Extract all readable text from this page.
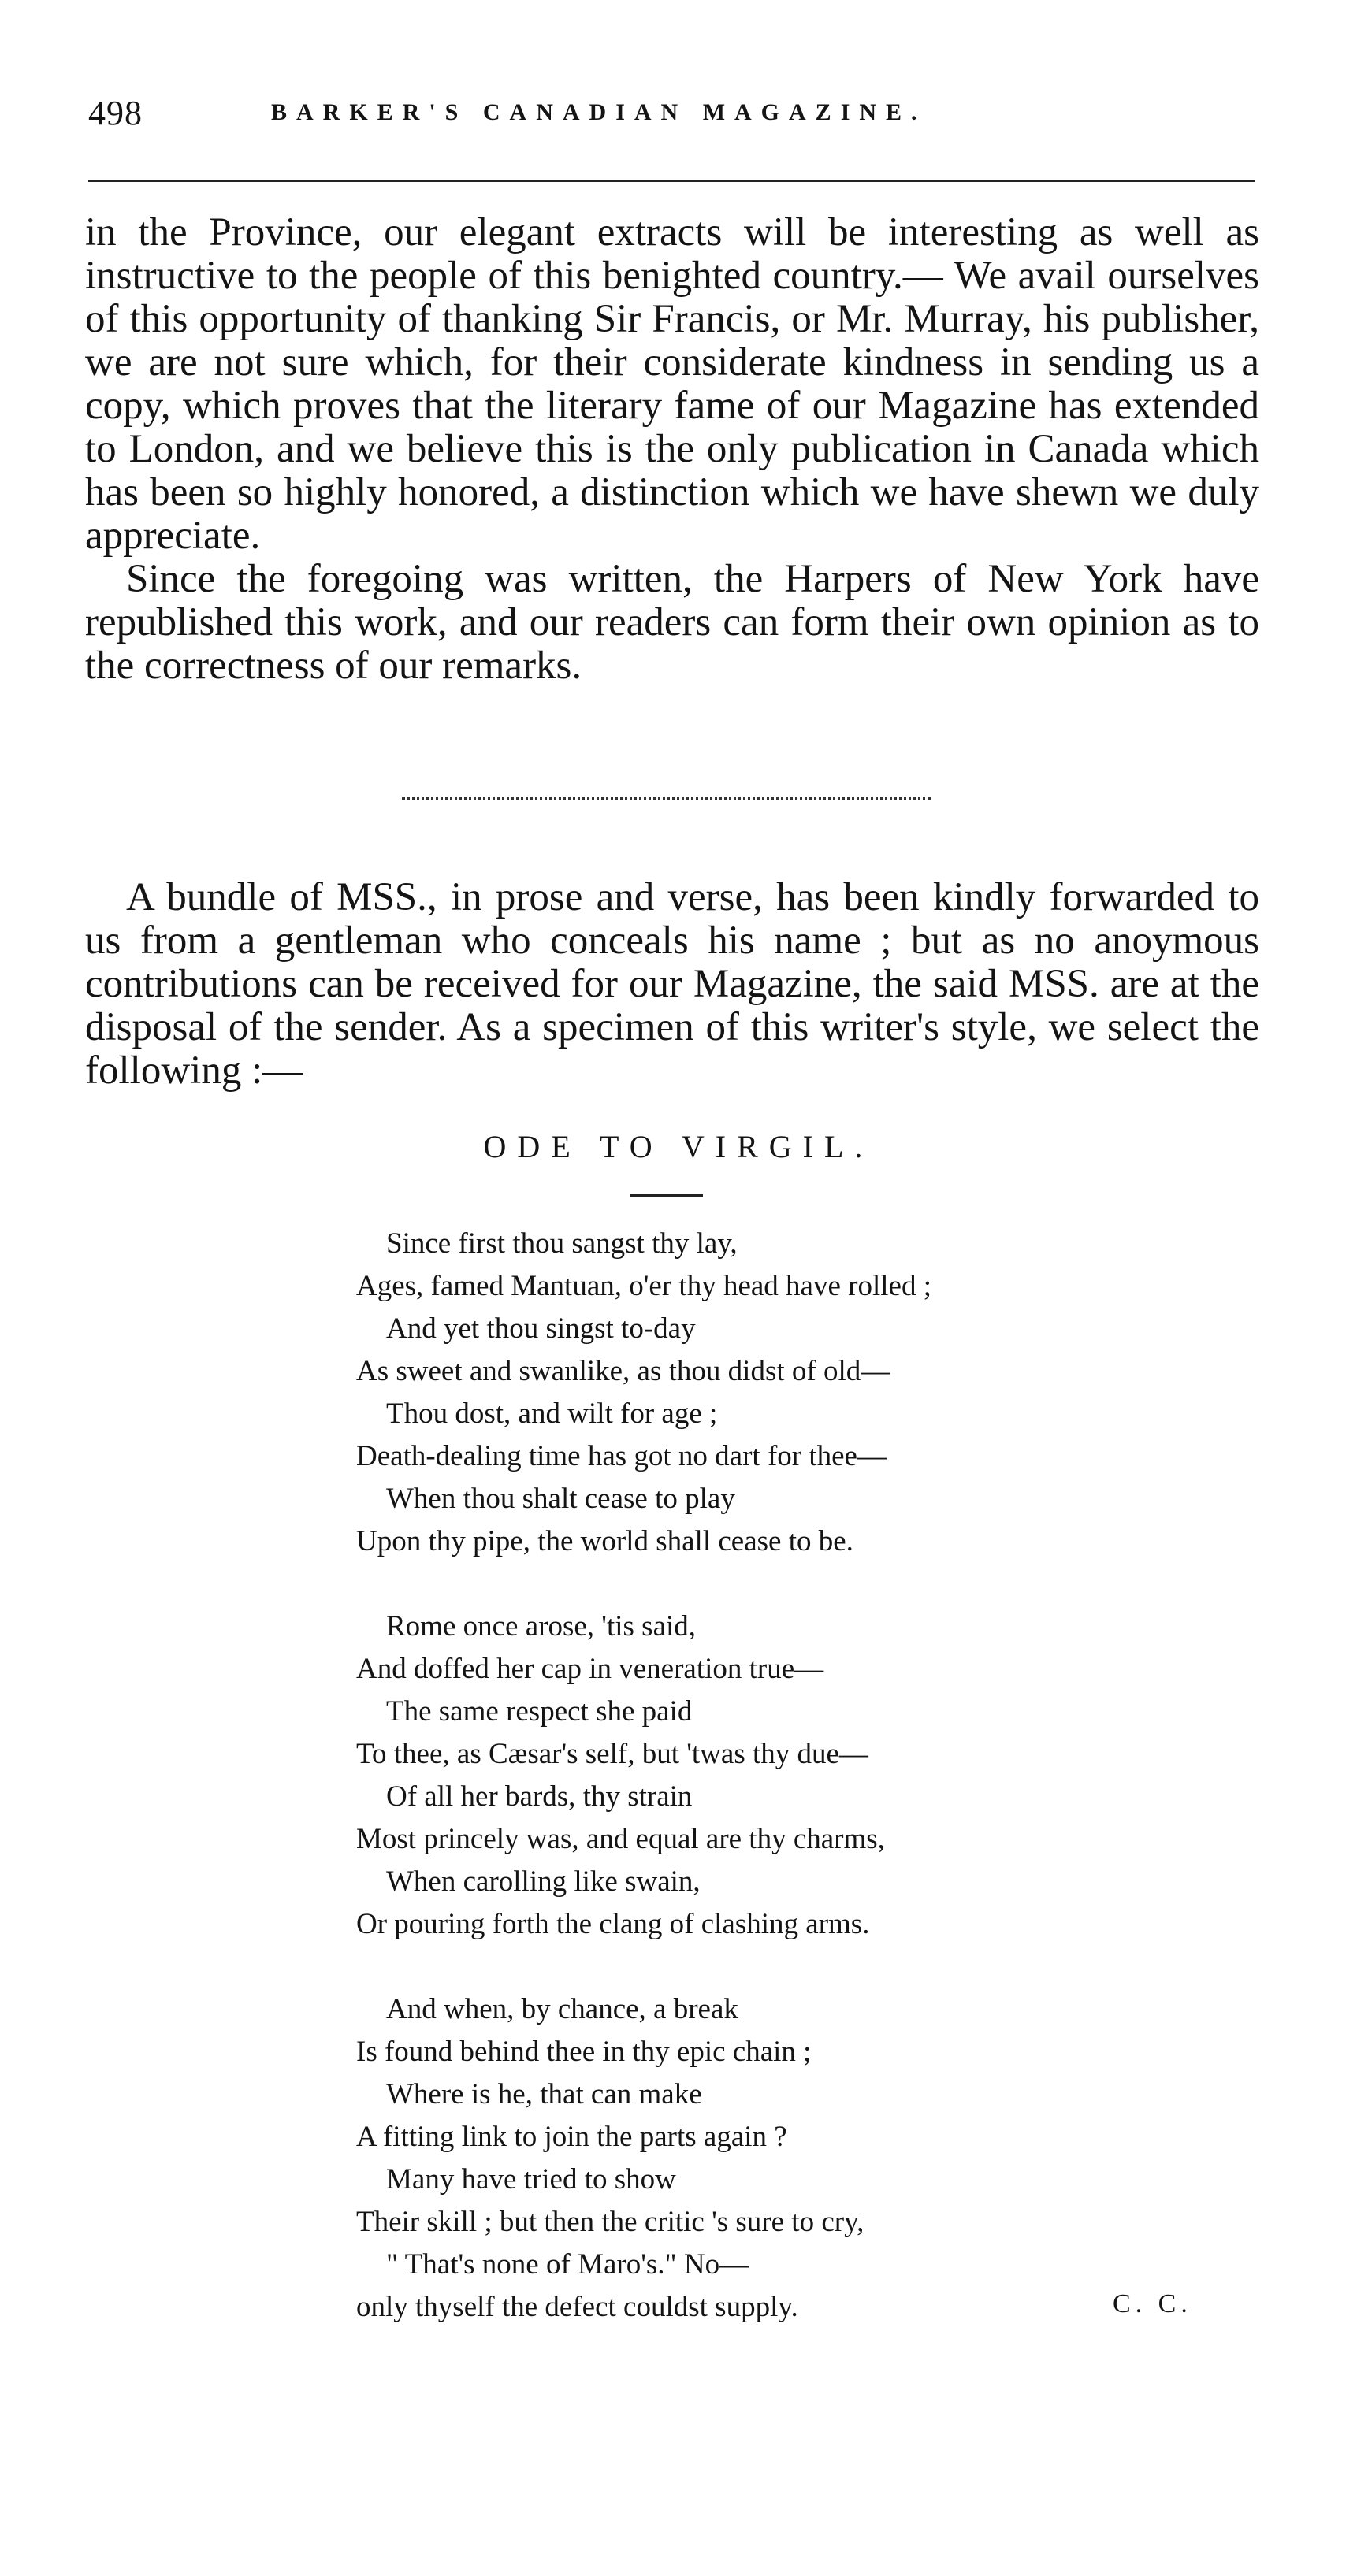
498	BARKER'S CANADIAN MAGAZINE.

in the Province, our elegant extracts will be interesting as well as instructive to the people of this benighted country.— We avail ourselves of this opportunity of thanking Sir Francis, or Mr. Murray, his publisher, we are not sure which, for their considerate kindness in sending us a copy, which proves that the literary fame of our Magazine has extended to London, and we believe this is the only publication in Canada which has been so highly honored, a distinction which we have shewn we duly appreciate.

Since the foregoing was written, the Harpers of New York have republished this work, and our readers can form their own opinion as to the correctness of our remarks.

A bundle of MSS., in prose and verse, has been kindly forwarded to us from a gentleman who conceals his name ; but as no anoymous contributions can be received for our Magazine, the said MSS. are at the disposal of the sender. As a specimen of this writer's style, we select the following :—

ODE TO VIRGIL.
Since first thou sangst thy lay,
Ages, famed Mantuan, o'er thy head have rolled ;
And yet thou singst to-day
As sweet and swanlike, as thou didst of old—
Thou dost, and wilt for age ;
Death-dealing time has got no dart for thee—
When thou shalt cease to play
Upon thy pipe, the world shall cease to be.
Rome once arose, 'tis said,
And doffed her cap in veneration true—
The same respect she paid
To thee, as Cæsar's self, but 'twas thy due—
Of all her bards, thy strain
Most princely was, and equal are thy charms,
When carolling like swain,
Or pouring forth the clang of clashing arms.
And when, by chance, a break
Is found behind thee in thy epic chain ;
Where is he, that can make
A fitting link to join the parts again ?
Many have tried to show
Their skill ; but then the critic 's sure to cry,
" That's none of Maro's." No—
only thyself the defect couldst supply.	C. C.
